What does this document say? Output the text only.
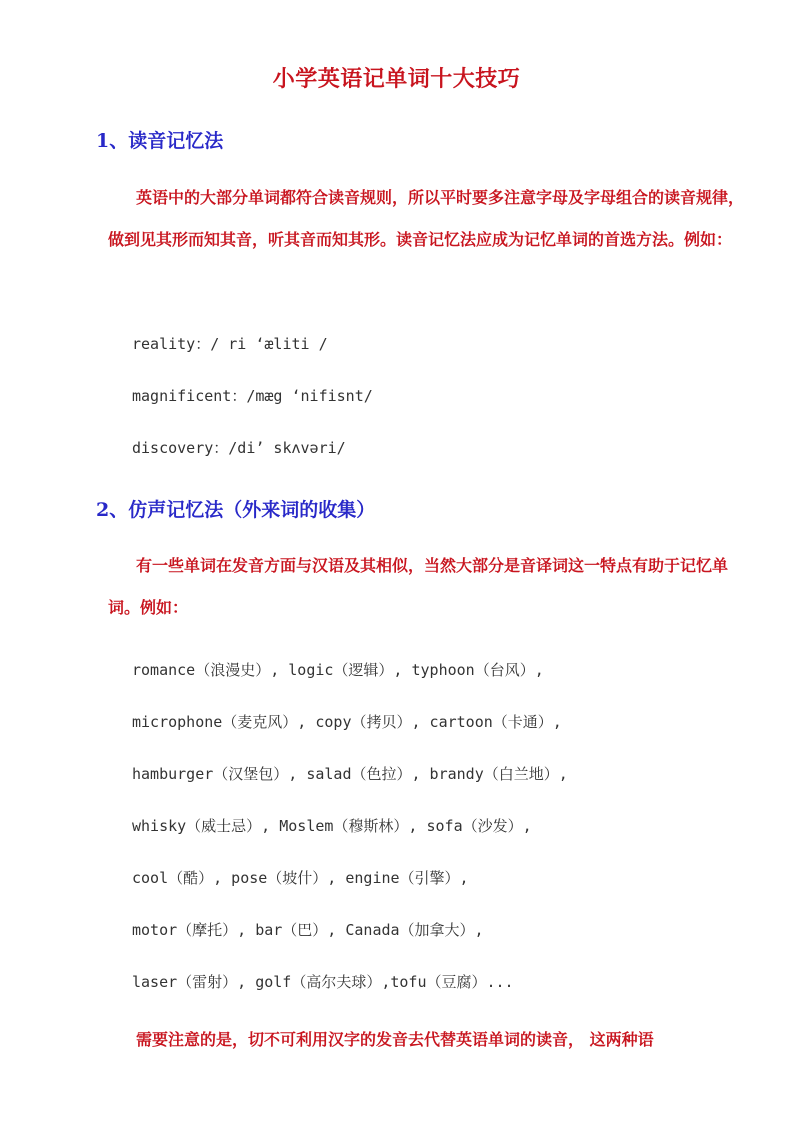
小学英语记单词十大技巧
1、读音记忆法
英语中的大部分单词都符合读音规则，所以平时要多注意字母及字母组合的读音规律，做到见其形而知其音，听其音而知其形。读音记忆法应成为记忆单词的首选方法。例如：
reality：/ ri ‘æliti /
magnificent：/mæg ‘nifisnt/
discovery：/di’ skʌvəri/
2、仿声记忆法（外来词的收集）
有一些单词在发音方面与汉语及其相似，当然大部分是音译词这一特点有助于记忆单词。例如：
romance（浪漫史）, logic（逻辑）, typhoon（台风）,
microphone（麦克风）, copy（拷贝）, cartoon（卡通）,
hamburger（汉堡包）, salad（色拉）, brandy（白兰地）,
whisky（威士忌）, Moslem（穆斯林）, sofa（沙发）,
cool（酷）, pose（坡什）, engine（引擎）,
motor（摩托）, bar（巴）, Canada（加拿大）,
laser（雷射）, golf（高尔夫球）,tofu（豆腐）...
需要注意的是，切不可利用汉字的发音去代替英语单词的读音， 这两种语
